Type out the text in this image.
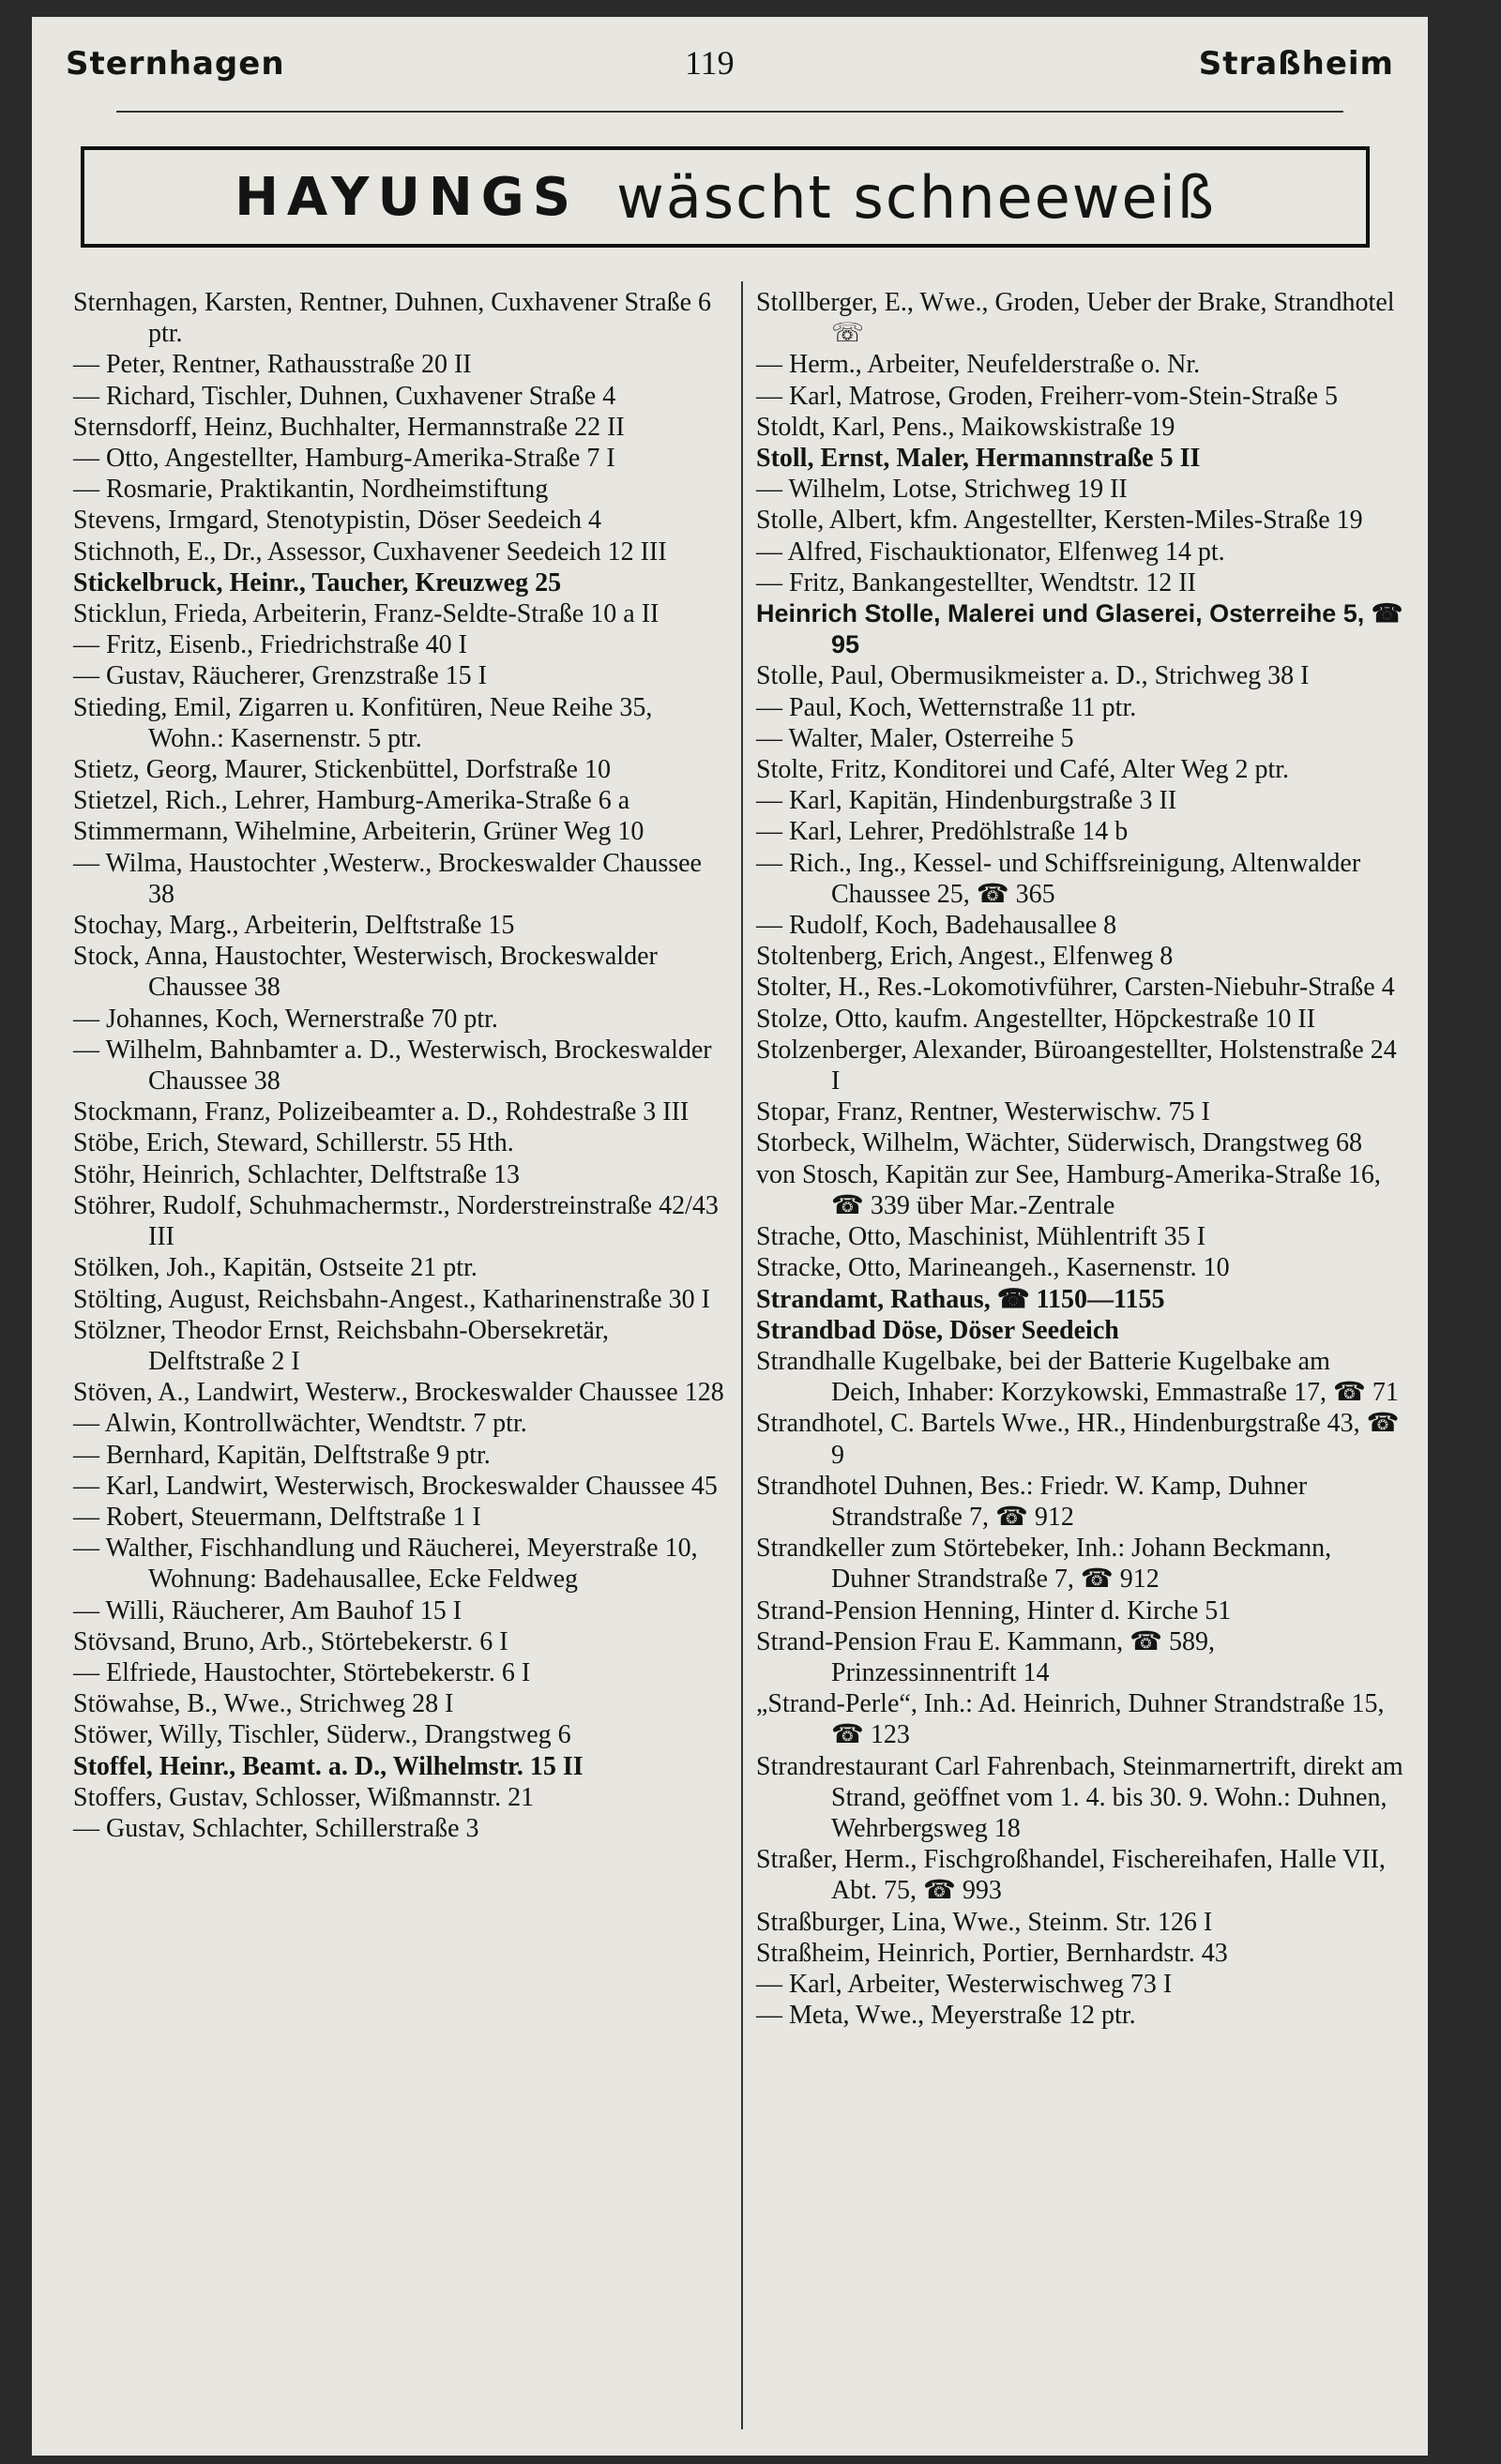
Sternhagen	119	Straßheim
HAYUNGS wäscht schneeweiß

Sternhagen, Karsten, Rentner, Duhnen, Cuxhavener Straße 6 ptr.

— Peter, Rentner, Rathausstraße 20 II

— Richard, Tischler, Duhnen, Cuxhavener Straße 4

Sternsdorff, Heinz, Buchhalter, Hermannstraße 22 II

— Otto, Angestellter, Hamburg-Amerika-Straße 7 I

— Rosmarie, Praktikantin, Nordheimstiftung

Stevens, Irmgard, Stenotypistin, Döser Seedeich 4

Stichnoth, E., Dr., Assessor, Cuxhavener Seedeich 12 III

Stickelbruck, Heinr., Taucher, Kreuzweg 25

Sticklun, Frieda, Arbeiterin, Franz-Seldte-Straße 10 a II

— Fritz, Eisenb., Friedrichstraße 40 I

— Gustav, Räucherer, Grenzstraße 15 I

Stieding, Emil, Zigarren u. Konfitüren, Neue Reihe 35, Wohn.: Kasernenstr. 5 ptr.

Stietz, Georg, Maurer, Stickenbüttel, Dorfstraße 10

Stietzel, Rich., Lehrer, Hamburg-Amerika-Straße 6 a

Stimmermann, Wihelmine, Arbeiterin, Grüner Weg 10

— Wilma, Haustochter ,Westerw., Brockeswalder Chaussee 38

Stochay, Marg., Arbeiterin, Delftstraße 15

Stock, Anna, Haustochter, Westerwisch, Brockeswalder Chaussee 38

— Johannes, Koch, Wernerstraße 70 ptr.

— Wilhelm, Bahnbamter a. D., Westerwisch, Brockeswalder Chaussee 38

Stockmann, Franz, Polizeibeamter a. D., Rohdestraße 3 III

Stöbe, Erich, Steward, Schillerstr. 55 Hth.

Stöhr, Heinrich, Schlachter, Delftstraße 13

Stöhrer, Rudolf, Schuhmachermstr., Norderstreinstraße 42/43 III

Stölken, Joh., Kapitän, Ostseite 21 ptr.

Stölting, August, Reichsbahn-Angest., Katharinenstraße 30 I

Stölzner, Theodor Ernst, Reichsbahn-Obersekretär, Delftstraße 2 I

Stöven, A., Landwirt, Westerw., Brockeswalder Chaussee 128

— Alwin, Kontrollwächter, Wendtstr. 7 ptr.

— Bernhard, Kapitän, Delftstraße 9 ptr.

— Karl, Landwirt, Westerwisch, Brockeswalder Chaussee 45

— Robert, Steuermann, Delftstraße 1 I

— Walther, Fischhandlung und Räucherei, Meyerstraße 10, Wohnung: Badehausallee, Ecke Feldweg

— Willi, Räucherer, Am Bauhof 15 I

Stövsand, Bruno, Arb., Störtebekerstr. 6 I

— Elfriede, Haustochter, Störtebekerstr. 6 I

Stöwahse, B., Wwe., Strichweg 28 I

Stöwer, Willy, Tischler, Süderw., Drangstweg 6

Stoffel, Heinr., Beamt. a. D., Wilhelmstr. 15 II

Stoffers, Gustav, Schlosser, Wißmannstr. 21

— Gustav, Schlachter, Schillerstraße 3

Stollberger, E., Wwe., Groden, Ueber der Brake, Strandhotel ☏

— Herm., Arbeiter, Neufelderstraße o. Nr.

— Karl, Matrose, Groden, Freiherr-vom-Stein-Straße 5

Stoldt, Karl, Pens., Maikowskistraße 19

Stoll, Ernst, Maler, Hermannstraße 5 II

— Wilhelm, Lotse, Strichweg 19 II

Stolle, Albert, kfm. Angestellter, Kersten-Miles-Straße 19

— Alfred, Fischauktionator, Elfenweg 14 pt.

— Fritz, Bankangestellter, Wendtstr. 12 II

Heinrich Stolle, Malerei und Glaserei, Osterreihe 5, ☎ 95

Stolle, Paul, Obermusikmeister a. D., Strichweg 38 I

— Paul, Koch, Wetternstraße 11 ptr.

— Walter, Maler, Osterreihe 5

Stolte, Fritz, Konditorei und Café, Alter Weg 2 ptr.

— Karl, Kapitän, Hindenburgstraße 3 II

— Karl, Lehrer, Predöhlstraße 14 b

— Rich., Ing., Kessel- und Schiffsreinigung, Altenwalder Chaussee 25, ☎ 365

— Rudolf, Koch, Badehausallee 8

Stoltenberg, Erich, Angest., Elfenweg 8

Stolter, H., Res.-Lokomotivführer, Carsten-Niebuhr-Straße 4

Stolze, Otto, kaufm. Angestellter, Höpckestraße 10 II

Stolzenberger, Alexander, Büroangestellter, Holstenstraße 24 I

Stopar, Franz, Rentner, Westerwischw. 75 I

Storbeck, Wilhelm, Wächter, Süderwisch, Drangstweg 68

von Stosch, Kapitän zur See, Hamburg-Amerika-Straße 16, ☎ 339 über Mar.-Zentrale

Strache, Otto, Maschinist, Mühlentrift 35 I

Stracke, Otto, Marineangeh., Kasernenstr. 10

Strandamt, Rathaus, ☎ 1150—1155

Strandbad Döse, Döser Seedeich

Strandhalle Kugelbake, bei der Batterie Kugelbake am Deich, Inhaber: Korzykowski, Emmastraße 17, ☎ 71

Strandhotel, C. Bartels Wwe., HR., Hindenburgstraße 43, ☎ 9

Strandhotel Duhnen, Bes.: Friedr. W. Kamp, Duhner Strandstraße 7, ☎ 912

Strandkeller zum Störtebeker, Inh.: Johann Beckmann, Duhner Strandstraße 7, ☎ 912

Strand-Pension Henning, Hinter d. Kirche 51

Strand-Pension Frau E. Kammann, ☎ 589, Prinzessinnentrift 14

„Strand-Perle“, Inh.: Ad. Heinrich, Duhner Strandstraße 15, ☎ 123

Strandrestaurant Carl Fahrenbach, Steinmarnertrift, direkt am Strand, geöffnet vom 1. 4. bis 30. 9. Wohn.: Duhnen, Wehrbergsweg 18

Straßer, Herm., Fischgroßhandel, Fischereihafen, Halle VII, Abt. 75, ☎ 993

Straßburger, Lina, Wwe., Steinm. Str. 126 I

Straßheim, Heinrich, Portier, Bernhardstr. 43

— Karl, Arbeiter, Westerwischweg 73 I

— Meta, Wwe., Meyerstraße 12 ptr.
